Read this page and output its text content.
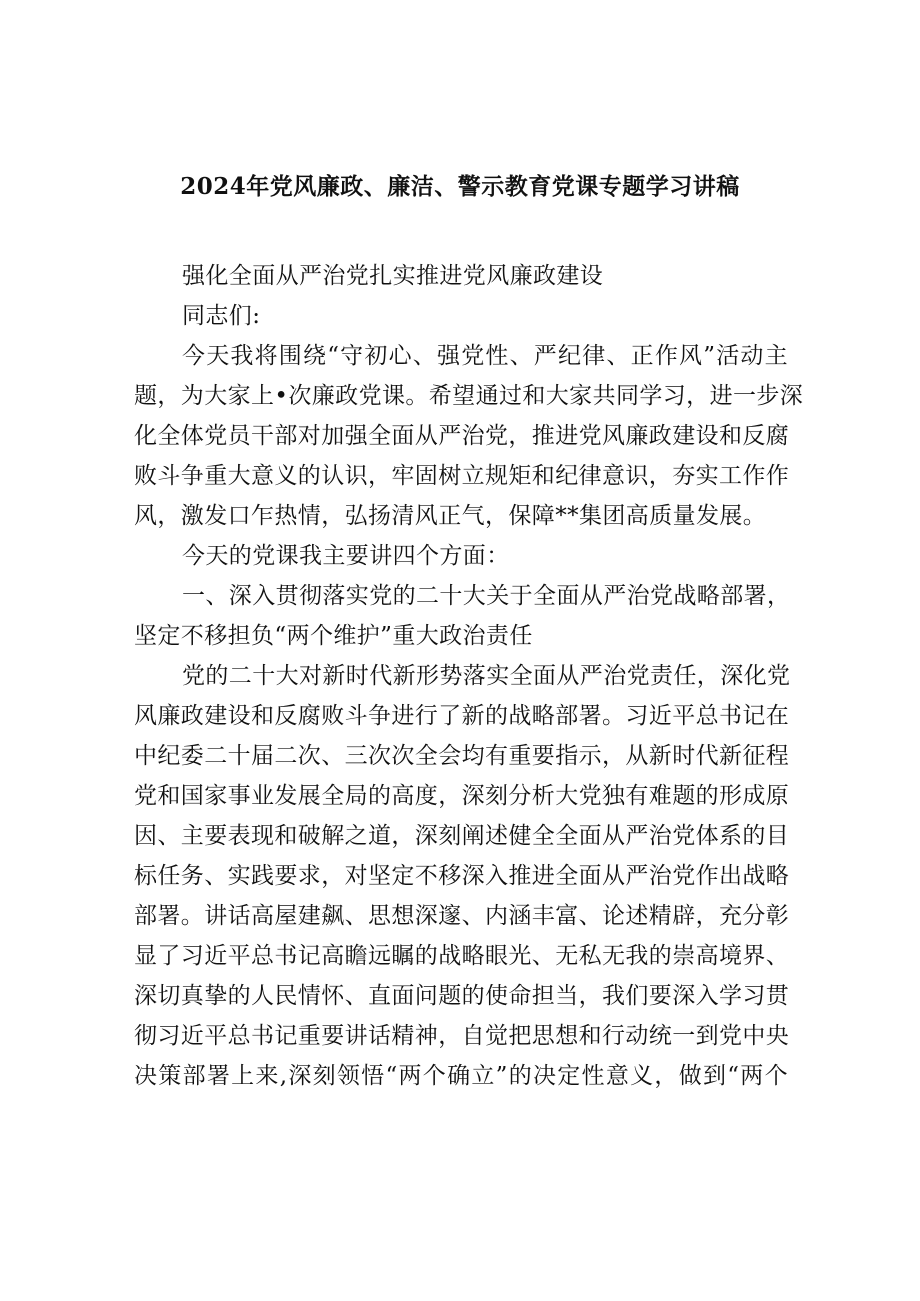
2024年党风廉政、廉洁、警示教育党课专题学习讲稿
强化全面从严治党扎实推进党风廉政建设
同志们:
今天我将围绕“守初心、强党性、严纪律、正作风”活动主
题，为大家上•次廉政党课。希望通过和大家共同学习，进一步深
化全体党员干部对加强全面从严治党，推进党风廉政建设和反腐
败斗争重大意义的认识，牢固树立规矩和纪律意识，夯实工作作
风，激发口乍热情，弘扬清风正气，保障**集团高质量发展。
今天的党课我主要讲四个方面：
一、深入贯彻落实党的二十大关于全面从严治党战略部署，
坚定不移担负“两个维护”重大政治责任
党的二十大对新时代新形势落实全面从严治党责任，深化党
风廉政建设和反腐败斗争进行了新的战略部署。习近平总书记在
中纪委二十届二次、三次次全会均有重要指示，从新时代新征程
党和国家事业发展全局的高度，深刻分析大党独有难题的形成原
因、主要表现和破解之道，深刻阐述健全全面从严治党体系的目
标任务、实践要求，对坚定不移深入推进全面从严治党作出战略
部署。讲话高屋建飙、思想深邃、内涵丰富、论述精辟，充分彰
显了习近平总书记高瞻远瞩的战略眼光、无私无我的崇高境界、
深切真挚的人民情怀、直面问题的使命担当，我们要深入学习贯
彻习近平总书记重要讲话精神，自觉把思想和行动统一到党中央
决策部署上来,深刻领悟“两个确立”的决定性意义，做到“两个
